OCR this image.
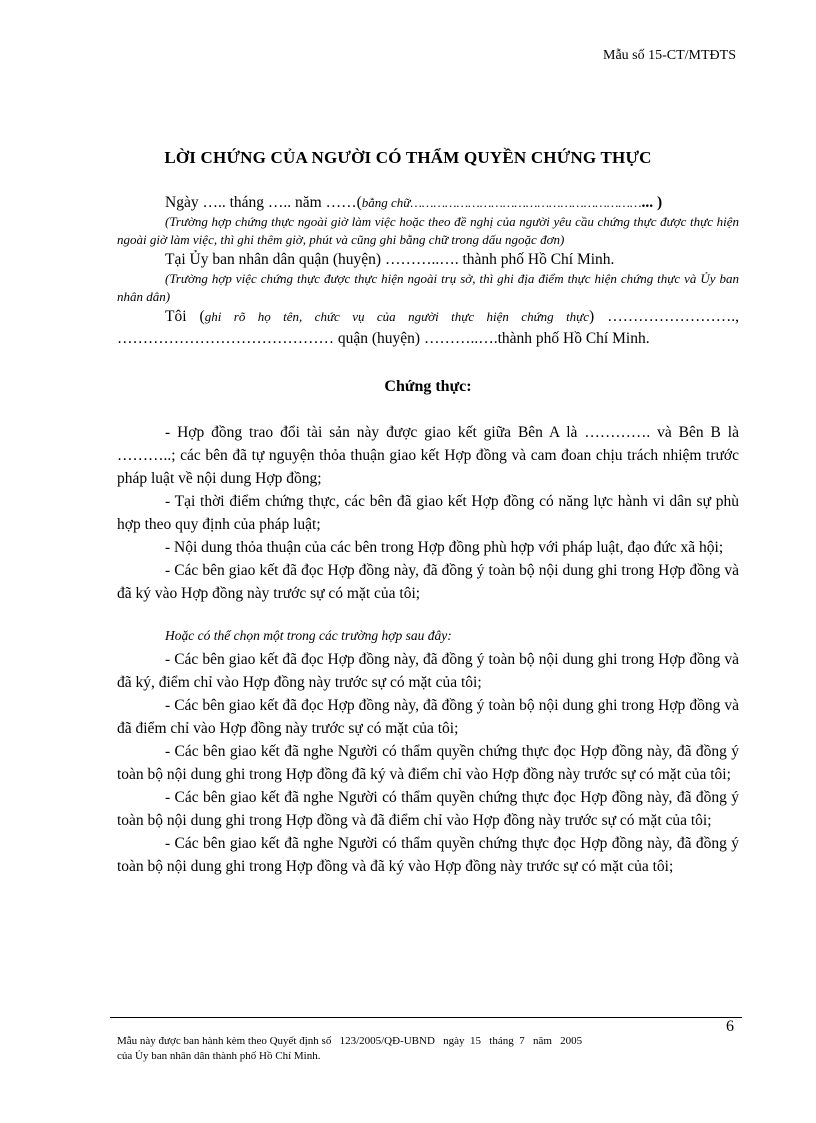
Mẫu số 15-CT/MTĐTS
LỜI CHỨNG CỦA NGƯỜI CÓ THẨM QUYỀN CHỨNG THỰC

Ngày ….. tháng ….. năm ……(bằng chữ……………………………………………………... )

(Trường hợp chứng thực ngoài giờ làm việc hoặc theo đề nghị của người yêu cầu chứng thực được thực hiện ngoài giờ làm việc, thì ghi thêm giờ, phút và cũng ghi bằng chữ trong dấu ngoặc đơn)

Tại Ủy ban nhân dân quận (huyện) ………..…. thành phố Hồ Chí Minh.

(Trường hợp việc chứng thực được thực hiện ngoài trụ sở, thì ghi địa điểm thực hiện chứng thực và Ủy ban nhân dân)

Tôi (ghi rõ họ tên, chức vụ của người thực hiện chứng thực) ……………………., …………………………………… quận (huyện) ………..….thành phố Hồ Chí Minh.

Chứng thực:

- Hợp đồng trao đổi tài sản này được giao kết giữa Bên A là …………. và Bên B là ………..; các bên đã tự nguyện thỏa thuận giao kết Hợp đồng và cam đoan chịu trách nhiệm trước pháp luật về nội dung Hợp đồng;

- Tại thời điểm chứng thực, các bên đã giao kết Hợp đồng có năng lực hành vi dân sự phù hợp theo quy định của pháp luật;

- Nội dung thỏa thuận của các bên trong Hợp đồng phù hợp với pháp luật, đạo đức xã hội;

- Các bên giao kết đã đọc Hợp đồng này, đã đồng ý toàn bộ nội dung ghi trong Hợp đồng và đã ký vào Hợp đồng này trước sự có mặt của tôi;

Hoặc có thể chọn một trong các trường hợp sau đây:

- Các bên giao kết đã đọc Hợp đồng này, đã đồng ý toàn bộ nội dung ghi trong Hợp đồng và đã ký, điểm chỉ vào Hợp đồng này trước sự có mặt của tôi;

- Các bên giao kết đã đọc Hợp đồng này, đã đồng ý toàn bộ nội dung ghi trong Hợp đồng và đã điểm chỉ vào Hợp đồng này trước sự có mặt của tôi;

- Các bên giao kết đã nghe Người có thẩm quyền chứng thực đọc Hợp đồng này, đã đồng ý toàn bộ nội dung ghi trong Hợp đồng đã ký và điểm chỉ vào Hợp đồng này trước sự có mặt của tôi;

- Các bên giao kết đã nghe Người có thẩm quyền chứng thực đọc Hợp đồng này, đã đồng ý toàn bộ nội dung ghi trong Hợp đồng và đã điểm chỉ vào Hợp đồng này trước sự có mặt của tôi;

- Các bên giao kết đã nghe Người có thẩm quyền chứng thực đọc Hợp đồng này, đã đồng ý toàn bộ nội dung ghi trong Hợp đồng và đã ký vào Hợp đồng này trước sự có mặt của tôi;

6
Mẫu này được ban hành kèm theo Quyết định số   123/2005/QĐ-UBND   ngày  15   tháng  7   năm   2005
của Ủy ban nhân dân thành phố Hồ Chí Minh.
